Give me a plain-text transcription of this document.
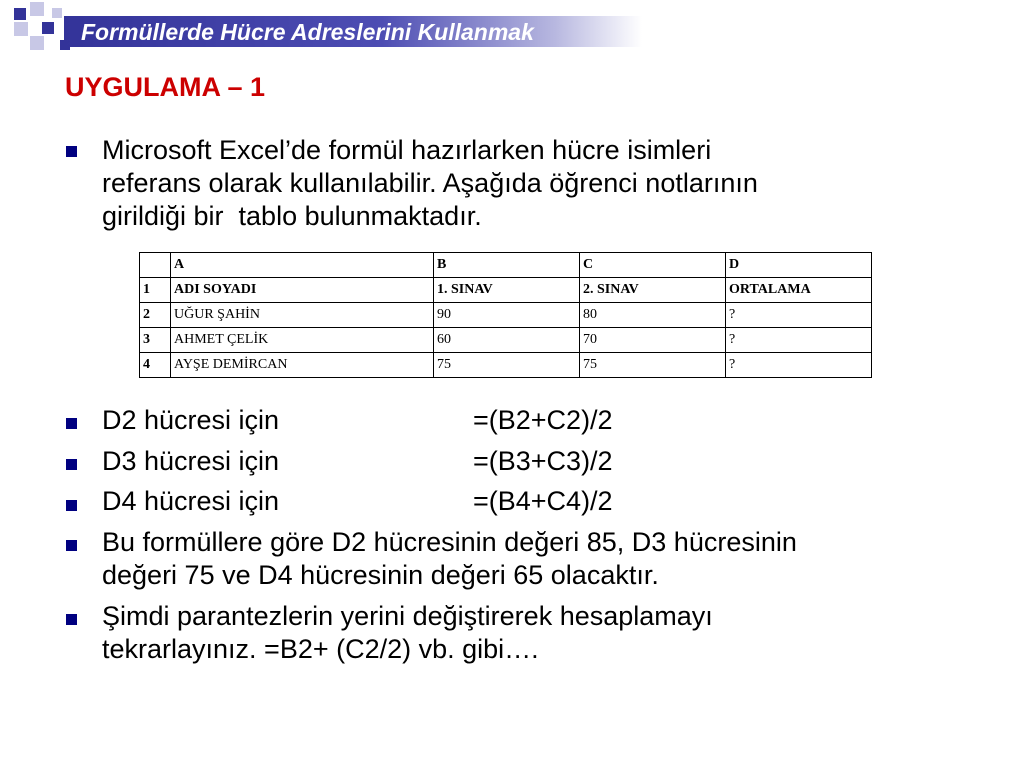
Formüllerde Hücre Adreslerini Kullanmak
UYGULAMA – 1
Microsoft Excel’de formül hazırlarken hücre isimleri
referans olarak kullanılabilir. Aşağıda öğrenci notlarının
girildiği bir  tablo bulunmaktadır.
D2 hücresi için	=(B2+C2)/2
D3 hücresi için	=(B3+C3)/2
D4 hücresi için	=(B4+C4)/2
Bu formüllere göre D2 hücresinin değeri 85, D3 hücresinin
değeri 75 ve D4 hücresinin değeri 65 olacaktır.
Şimdi parantezlerin yerini değiştirerek hesaplamayı
tekrarlayınız. =B2+ (C2/2) vb. gibi….
	A	B	C	D
1	ADI SOYADI	1. SINAV	2. SINAV	ORTALAMA
2	UĞUR ŞAHİN	90	80	?
3	AHMET ÇELİK	60	70	?
4	AYŞE DEMİRCAN	75	75	?
